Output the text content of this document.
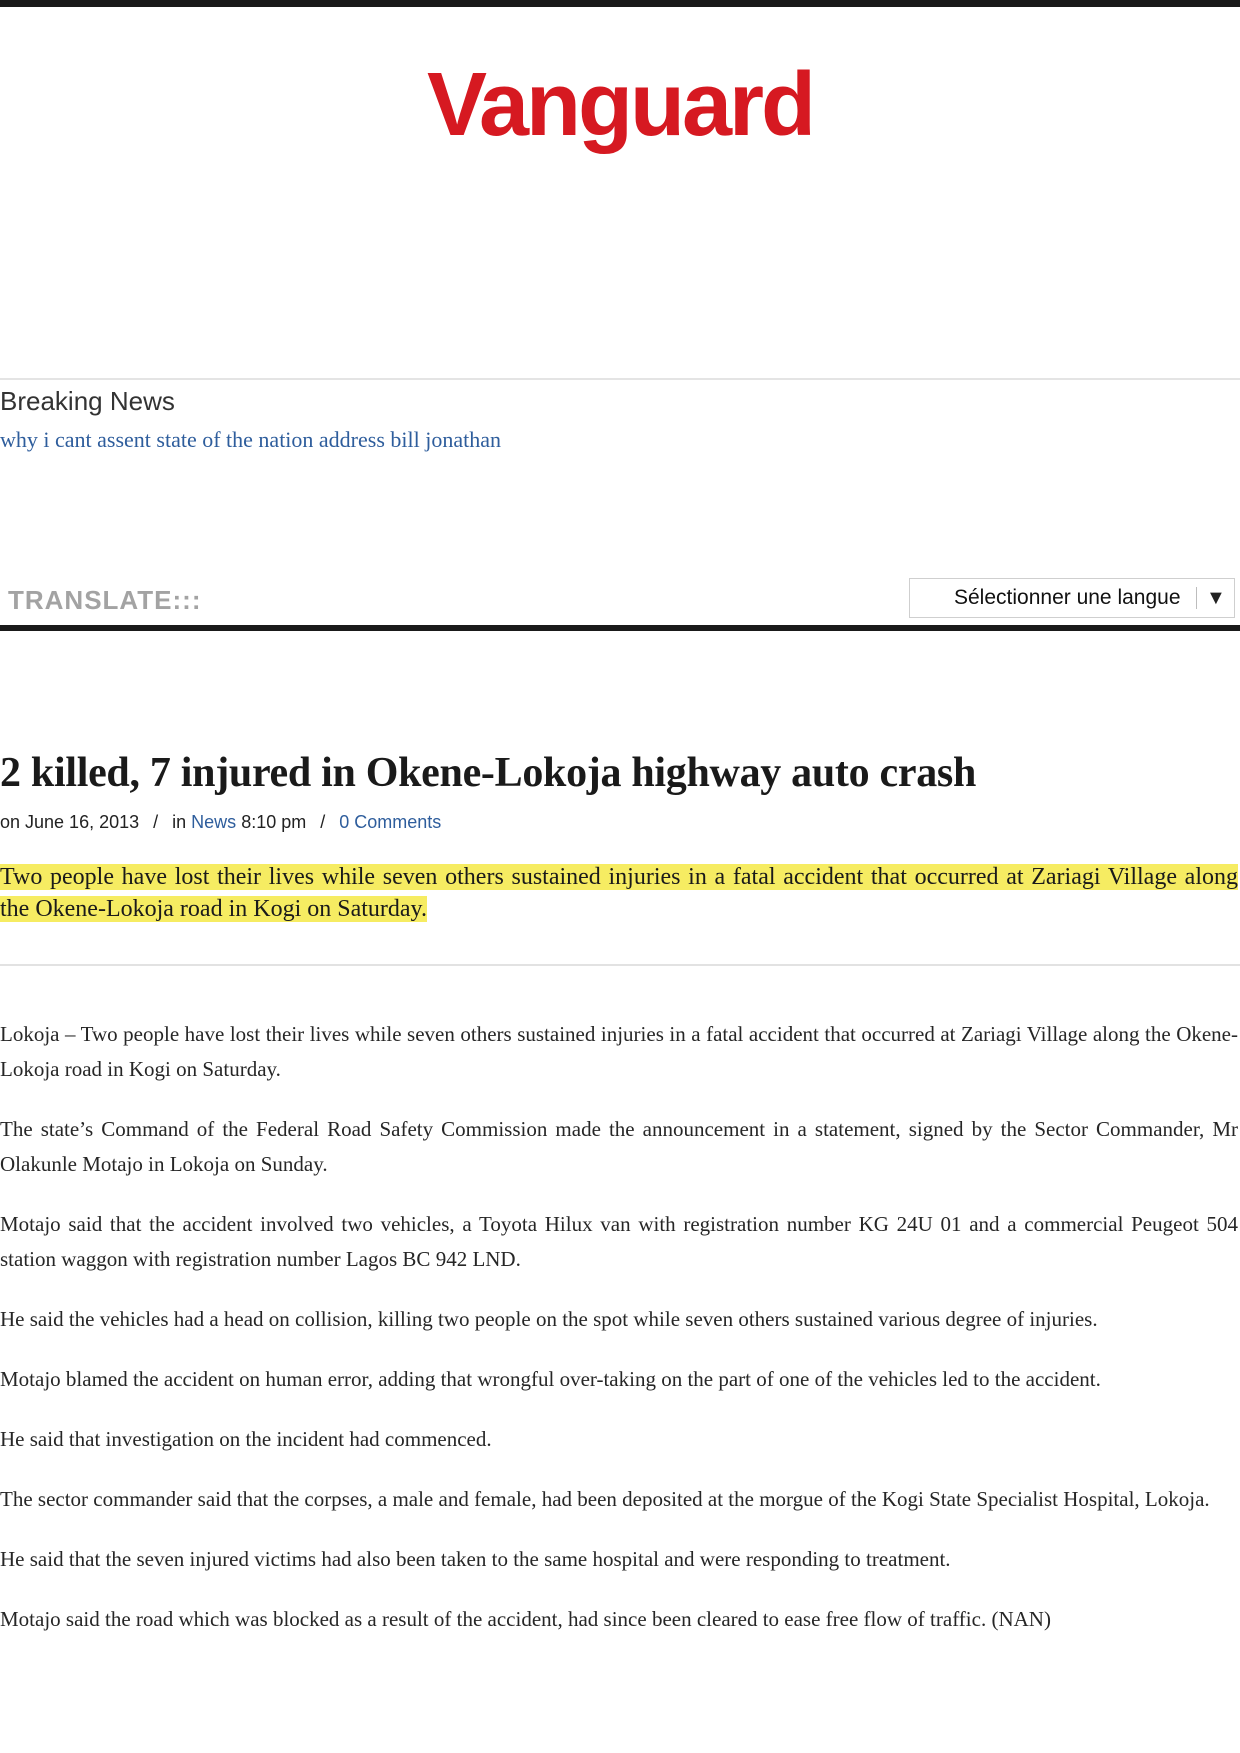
Vanguard
Breaking News
why i cant assent state of the nation address bill jonathan
TRANSLATE:::	Sélectionner une langue ▼
2 killed, 7 injured in Okene-Lokoja highway auto crash
on June 16, 2013 / in News 8:10 pm / 0 Comments

Two people have lost their lives while seven others sustained injuries in a fatal accident that occurred at Zariagi Village along the Okene-Lokoja road in Kogi on Saturday.

Lokoja – Two people have lost their lives while seven others sustained injuries in a fatal accident that occurred at Zariagi Village along the Okene-Lokoja road in Kogi on Saturday.

The state’s Command of the Federal Road Safety Commission made the announcement in a statement, signed by the Sector Commander, Mr Olakunle Motajo in Lokoja on Sunday.

Motajo said that the accident involved two vehicles, a Toyota Hilux van with registration number KG 24U 01 and a commercial Peugeot 504 station waggon with registration number Lagos BC 942 LND.

He said the vehicles had a head on collision, killing two people on the spot while seven others sustained various degree of injuries.

Motajo blamed the accident on human error, adding that wrongful over-taking on the part of one of the vehicles led to the accident.

He said that investigation on the incident had commenced.

The sector commander said that the corpses, a male and female, had been deposited at the morgue of the Kogi State Specialist Hospital, Lokoja.

He said that the seven injured victims had also been taken to the same hospital and were responding to treatment.

Motajo said the road which was blocked as a result of the accident, had since been cleared to ease free flow of traffic. (NAN)
